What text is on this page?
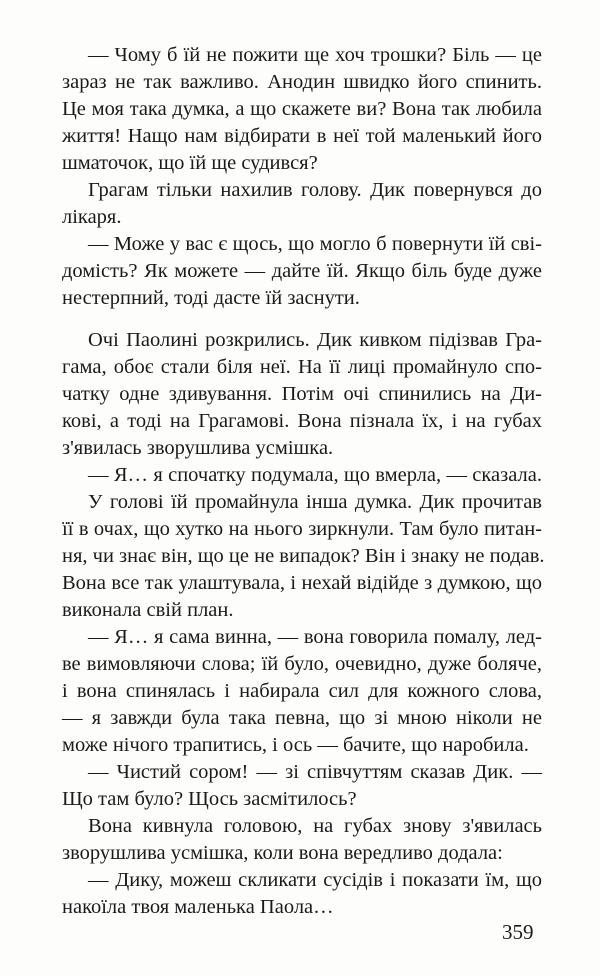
— Чому б їй не пожити ще хоч трошки? Біль — це
зараз не так важливо. Анодин швидко його спинить.
Це моя така думка, а що скажете ви? Вона так любила
життя! Нащо нам відбирати в неї той маленький його
шматочок, що їй ще судився?
Грагам тільки нахилив голову. Дик повернувся до
лікаря.
— Може у вас є щось, що могло б повернути їй сві-
домість? Як можете — дайте їй. Якщо біль буде дуже
нестерпний, тоді дасте їй заснути.
Очі Паолині розкрились. Дик кивком підізвав Гра-
гама, обоє стали біля неї. На її лиці промайнуло спо-
чатку одне здивування. Потім очі спинились на Ди-
кові, а тоді на Грагамові. Вона пізнала їх, і на губах
з'явилась зворушлива усмішка.
— Я… я спочатку подумала, що вмерла, — сказала.
У голові їй промайнула інша думка. Дик прочитав
її в очах, що хутко на нього зиркнули. Там було питан-
ня, чи знає він, що це не випадок? Він і знаку не подав.
Вона все так улаштувала, і нехай відійде з думкою, що
виконала свій план.
— Я… я сама винна, — вона говорила помалу, лед-
ве вимовляючи слова; їй було, очевидно, дуже боляче,
і вона спинялась і набирала сил для кожного слова,
— я завжди була така певна, що зі мною ніколи не
може нічого трапитись, і ось — бачите, що наробила.
— Чистий сором! — зі співчуттям сказав Дик. —
Що там було? Щось засмітилось?
Вона кивнула головою, на губах знову з'явилась
зворушлива усмішка, коли вона вередливо додала:
— Дику, можеш скликати сусідів і показати їм, що
накоїла твоя маленька Паола…
359
